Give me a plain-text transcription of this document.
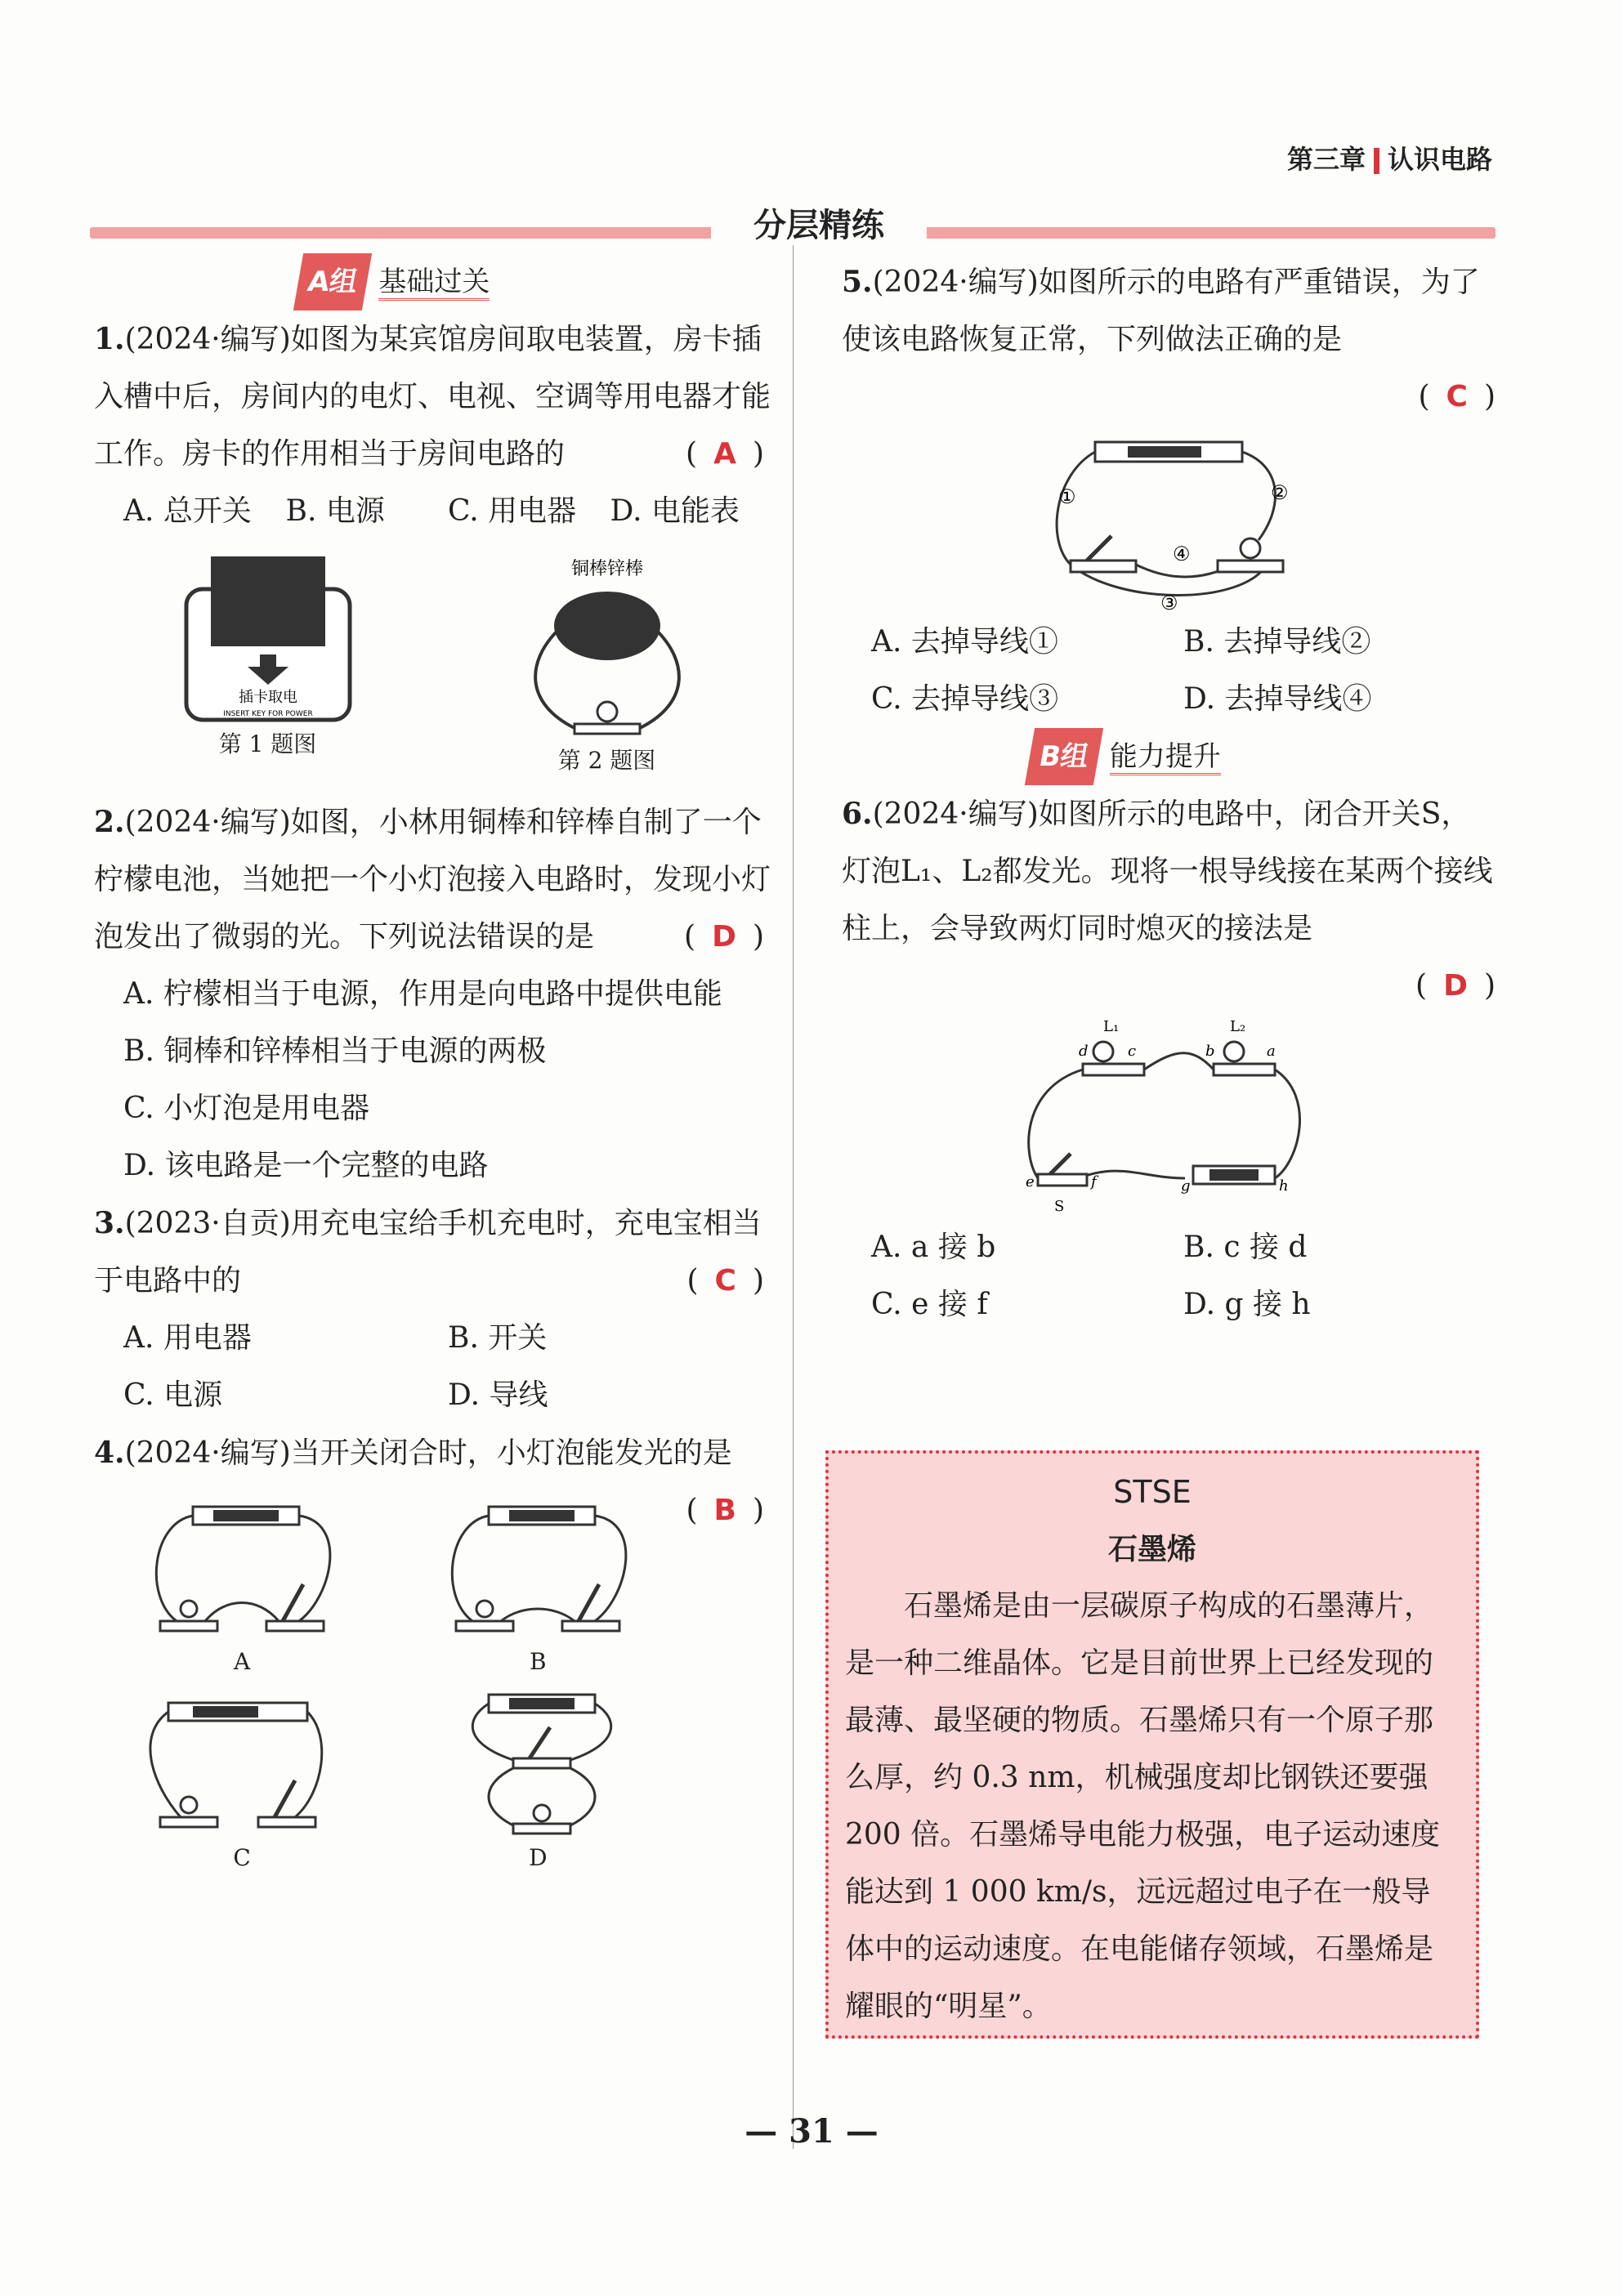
第三章 认识电路
分层精练
A组 基础过关
1.(2024·编写)如图为某宾馆房间取电装置，房卡插入槽中后，房间内的电灯、电视、空调等用电器才能工作。房卡的作用相当于房间电路的	( A )
A. 总开关	B. 电源	C. 用电器	D. 电能表
插卡取电
INSERT KEY FOR POWER
第 1 题图
铜棒锌棒
第 2 题图
2.(2024·编写)如图，小林用铜棒和锌棒自制了一个柠檬电池，当她把一个小灯泡接入电路时，发现小灯泡发出了微弱的光。下列说法错误的是	( D )
A. 柠檬相当于电源，作用是向电路中提供电能
B. 铜棒和锌棒相当于电源的两极
C. 小灯泡是用电器
D. 该电路是一个完整的电路
3.(2023·自贡)用充电宝给手机充电时，充电宝相当于电路中的	( C )
A. 用电器	B. 开关
C. 电源	D. 导线
4.(2024·编写)当开关闭合时，小灯泡能发光的是
( B )
A	B
C	D
5.(2024·编写)如图所示的电路有严重错误，为了使该电路恢复正常，下列做法正确的是
( C )
①	②
③
④
A. 去掉导线①	B. 去掉导线②
C. 去掉导线③	D. 去掉导线④
B组 能力提升
6.(2024·编写)如图所示的电路中，闭合开关S，灯泡L₁、L₂都发光。现将一根导线接在某两个接线柱上，会导致两灯同时熄灭的接法是
( D )
L₁	L₂
S
a
b
c
d
e	f	g	h
A. a 接 b	B. c 接 d
C. e 接 f	D. g 接 h
STSE
石墨烯

石墨烯是由一层碳原子构成的石墨薄片，是一种二维晶体。它是目前世界上已经发现的最薄、最坚硬的物质。石墨烯只有一个原子那么厚，约 0.3 nm，机械强度却比钢铁还要强 200 倍。石墨烯导电能力极强，电子运动速度能达到 1 000 km/s，远远超过电子在一般导体中的运动速度。在电能储存领域，石墨烯是耀眼的“明星”。

— 31 —
